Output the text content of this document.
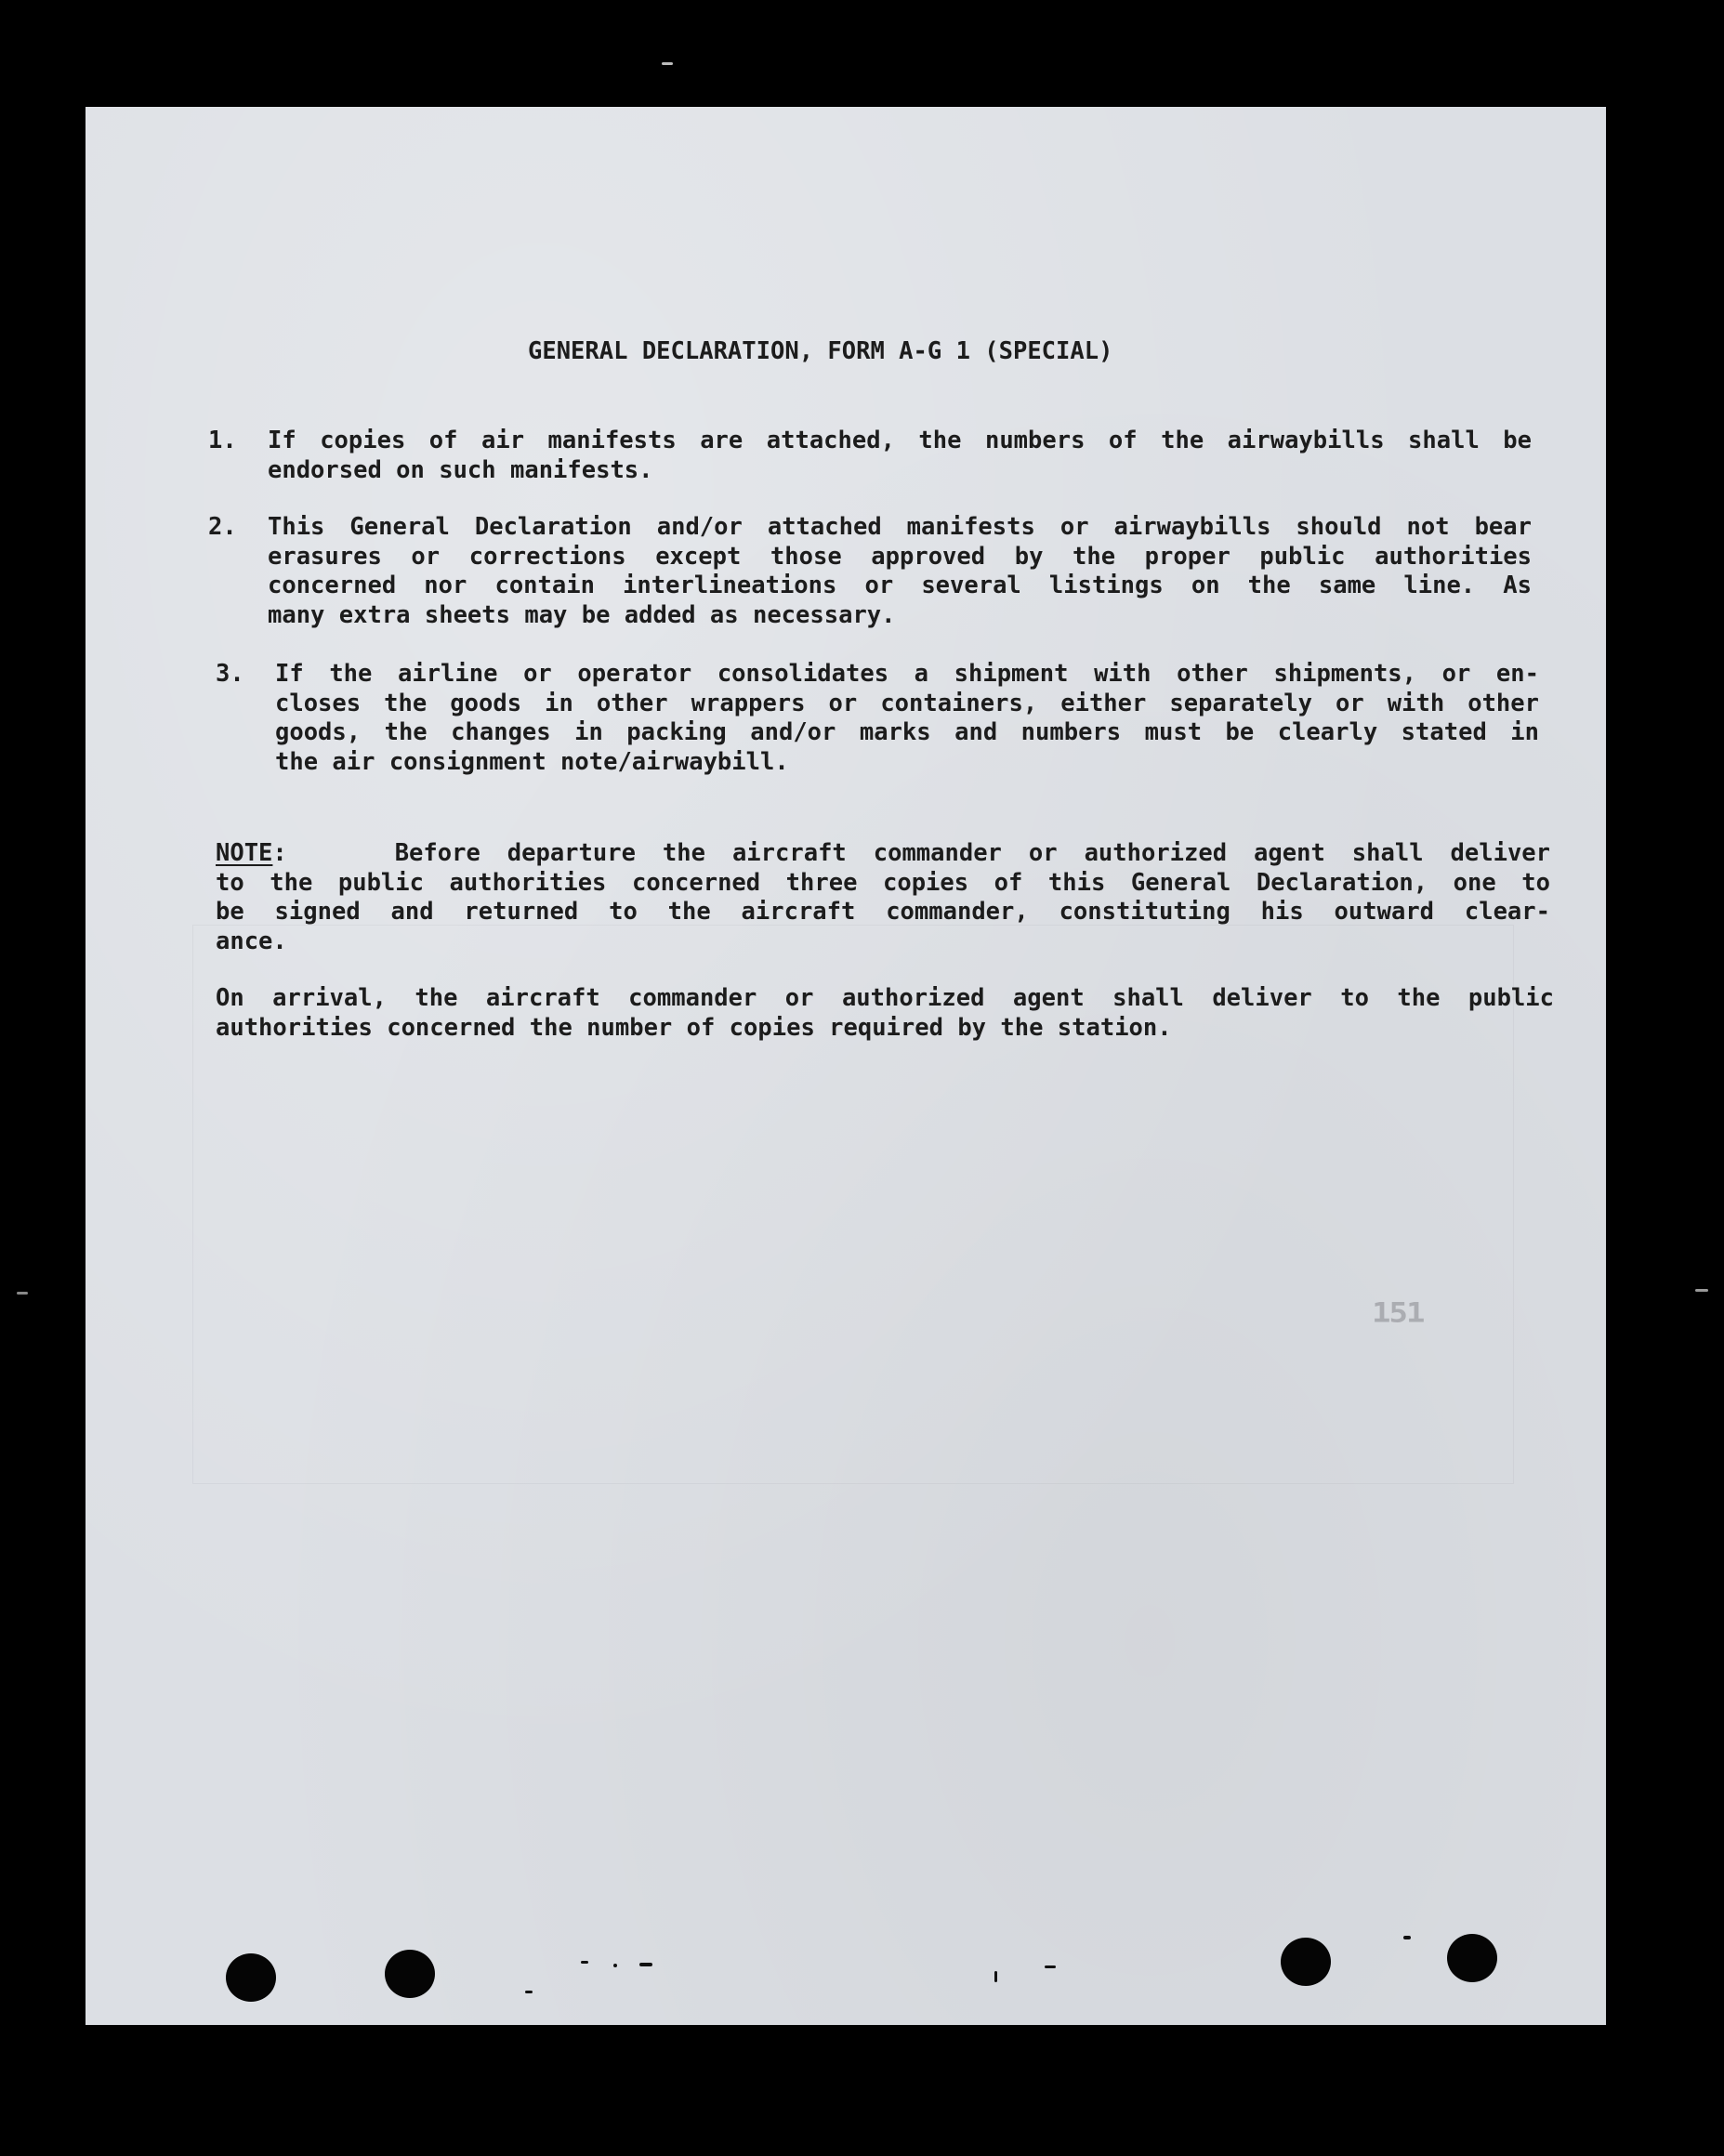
GENERAL DECLARATION, FORM A-G 1 (SPECIAL)
1. If copies of air manifests are attached, the numbers of the airwaybills shall be
endorsed on such manifests.
2. This General Declaration and/or attached manifests or airwaybills should not bear
erasures or corrections except those approved by the proper public authorities
concerned nor contain interlineations or several listings on the same line. As
many extra sheets may be added as necessary.
3. If the airline or operator consolidates a shipment with other shipments, or en-
closes the goods in other wrappers or containers, either separately or with other
goods, the changes in packing and/or marks and numbers must be clearly stated in
the air consignment note/airwaybill.
NOTE:	Before departure the aircraft commander or authorized agent shall deliver
to the public authorities concerned three copies of this General Declaration, one to
be signed and returned to the aircraft commander, constituting his outward clear-
ance.
On arrival, the aircraft commander or authorized agent shall deliver to the public
authorities concerned the number of copies required by the station.
151
